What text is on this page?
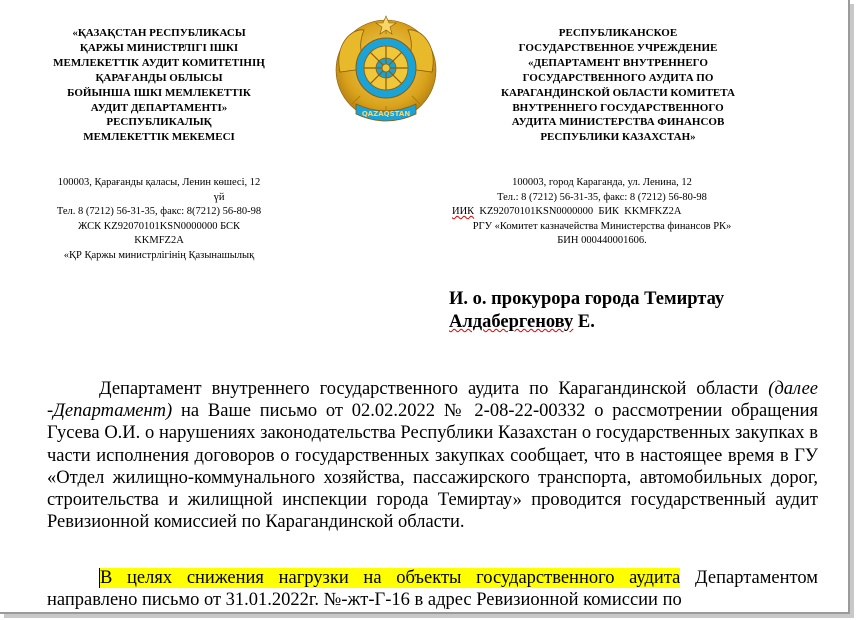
«ҚАЗАҚСТАН РЕСПУБЛИКАСЫ
ҚАРЖЫ МИНИСТРЛІГІ ІШКІ
МЕМЛЕКЕТТІК АУДИТ КОМИТЕТІНІҢ
ҚАРАҒАНДЫ ОБЛЫСЫ
БОЙЫНША ІШКІ МЕМЛЕКЕТТІК
АУДИТ ДЕПАРТАМЕНТІ»
РЕСПУБЛИКАЛЫҚ
МЕМЛЕКЕТТІК МЕКЕМЕСІ
QAZAQSTAN
РЕСПУБЛИКАНСКОЕ
ГОСУДАРСТВЕННОЕ УЧРЕЖДЕНИЕ
«ДЕПАРТАМЕНТ ВНУТРЕННЕГО
ГОСУДАРСТВЕННОГО АУДИТА ПО
КАРАГАНДИНСКОЙ ОБЛАСТИ КОМИТЕТА
ВНУТРЕННЕГО ГОСУДАРСТВЕННОГО
АУДИТА МИНИСТЕРСТВА ФИНАНСОВ
РЕСПУБЛИКИ КАЗАХСТАН»
100003, Қарағанды қаласы, Ленин көшесі, 12
үй
Тел. 8 (7212) 56-31-35, факс: 8(7212) 56-80-98
ЖСК KZ92070101KSN0000000 БСК
KKMFZ2A
«ҚР Қаржы министрлігінің Қазынашылық
100003, город Караганда, ул. Ленина, 12
Тел.: 8 (7212) 56-31-35, факс: 8 (7212) 56-80-98
ИИК  KZ92070101KSN0000000  БИК  KKMFKZ2A
РГУ «Комитет казначейства Министерства финансов РК»
БИН 000440001606.
И. о. прокурора города Темиртау
Алдабергенову Е.
Департамент внутреннего государственного аудита по Карагандинской области (далее -Департамент) на Ваше письмо от 02.02.2022 № 2-08-22-00332 о рассмотрении обращения Гусева О.И. о нарушениях законодательства Республики Казахстан о государственных закупках в части исполнения договоров о государственных закупках сообщает, что в настоящее время в ГУ «Отдел жилищно-коммунального хозяйства, пассажирского транспорта, автомобильных дорог, строительства и жилищной инспекции города Темиртау» проводится государственный аудит Ревизионной комиссией по Карагандинской области.
В целях снижения нагрузки на объекты государственного аудита Департаментом направлено письмо от 31.01.2022г. №-жт-Г-16 в адрес Ревизионной комиссии по
